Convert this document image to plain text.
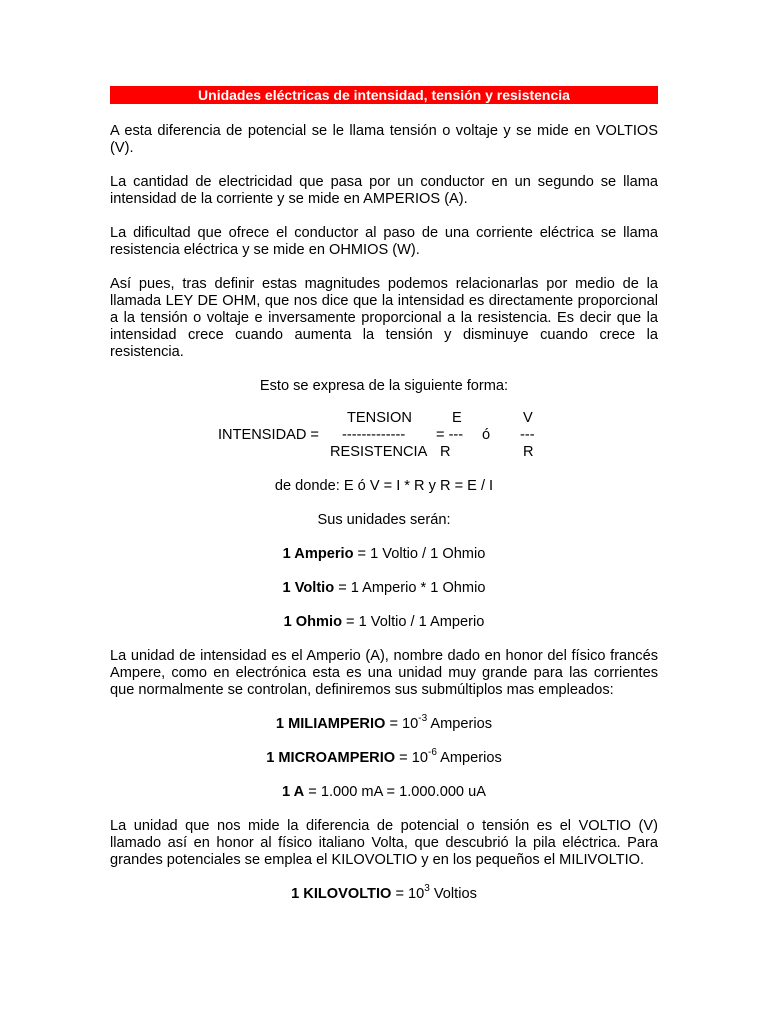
Unidades eléctricas de intensidad, tensión y resistencia

A esta diferencia de potencial se le llama tensión o voltaje y se mide en VOLTIOS (V).

La cantidad de electricidad que pasa por un conductor en un segundo se llama intensidad de la corriente y se mide en AMPERIOS (A).

La dificultad que ofrece el conductor al paso de una corriente eléctrica se llama resistencia eléctrica y se mide en OHMIOS (W).

Así pues, tras definir estas magnitudes podemos relacionarlas por medio de la llamada LEY DE OHM, que nos dice que la intensidad es directamente proporcional a la tensión o voltaje e inversamente proporcional a la resistencia. Es decir que la intensidad crece cuando aumenta la tensión y disminuye cuando crece la resistencia.

Esto se expresa de la siguiente forma:

TENSION	E	V
INTENSIDAD = ------------- = --- ó ---
RESISTENCIA R	R

de donde: E ó V = I * R y R = E / I

Sus unidades serán:

1 Amperio = 1 Voltio / 1 Ohmio

1 Voltio = 1 Amperio * 1 Ohmio

1 Ohmio = 1 Voltio / 1 Amperio

La unidad de intensidad es el Amperio (A), nombre dado en honor del físico francés Ampere, como en electrónica esta es una unidad muy grande para las corrientes que normalmente se controlan, definiremos sus submúltiplos mas empleados:

1 MILIAMPERIO = $10^{-3}$ Amperios

1 MICROAMPERIO = $10^{-6}$ Amperios

1 A = 1.000 mA = 1.000.000 uA

La unidad que nos mide la diferencia de potencial o tensión es el VOLTIO (V) llamado así en honor al físico italiano Volta, que descubrió la pila eléctrica. Para grandes potenciales se emplea el KILOVOLTIO y en los pequeños el MILIVOLTIO.

1 KILOVOLTIO = $10^3$ Voltios
